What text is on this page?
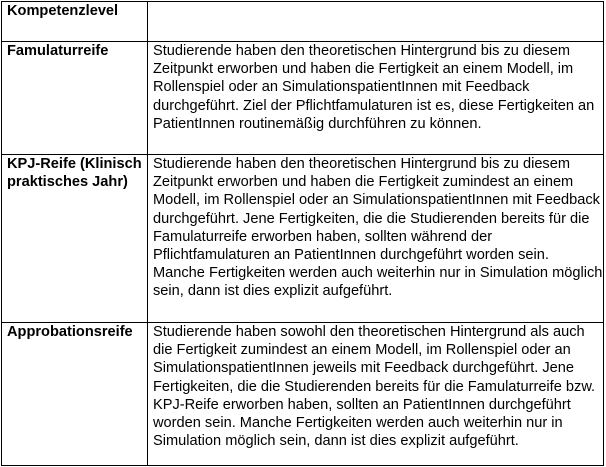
Kompetenzlevel	
Famulaturreife	Studierende haben den theoretischen Hintergrund bis zu diesem Zeitpunkt erworben und haben die Fertigkeit an einem Modell, im Rollenspiel oder an SimulationspatientInnen mit Feedback durchgeführt. Ziel der Pflichtfamulaturen ist es, diese Fertigkeiten an PatientInnen routinemäßig durchführen zu können.
KPJ-Reife (Klinisch praktisches Jahr)	Studierende haben den theoretischen Hintergrund bis zu diesem Zeitpunkt erworben und haben die Fertigkeit zumindest an einem Modell, im Rollenspiel oder an SimulationspatientInnen mit Feedback durchgeführt. Jene Fertigkeiten, die die Studierenden bereits für die Famulaturreife erworben haben, sollten während der Pflichtfamulaturen an PatientInnen durchgeführt worden sein. Manche Fertigkeiten werden auch weiterhin nur in Simulation möglich sein, dann ist dies explizit aufgeführt.
Approbationsreife	Studierende haben sowohl den theoretischen Hintergrund als auch die Fertigkeit zumindest an einem Modell, im Rollenspiel oder an SimulationspatientInnen jeweils mit Feedback durchgeführt. Jene Fertigkeiten, die die Studierenden bereits für die Famulaturreife bzw. KPJ-Reife erworben haben, sollten an PatientInnen durchgeführt worden sein. Manche Fertigkeiten werden auch weiterhin nur in Simulation möglich sein, dann ist dies explizit aufgeführt.
